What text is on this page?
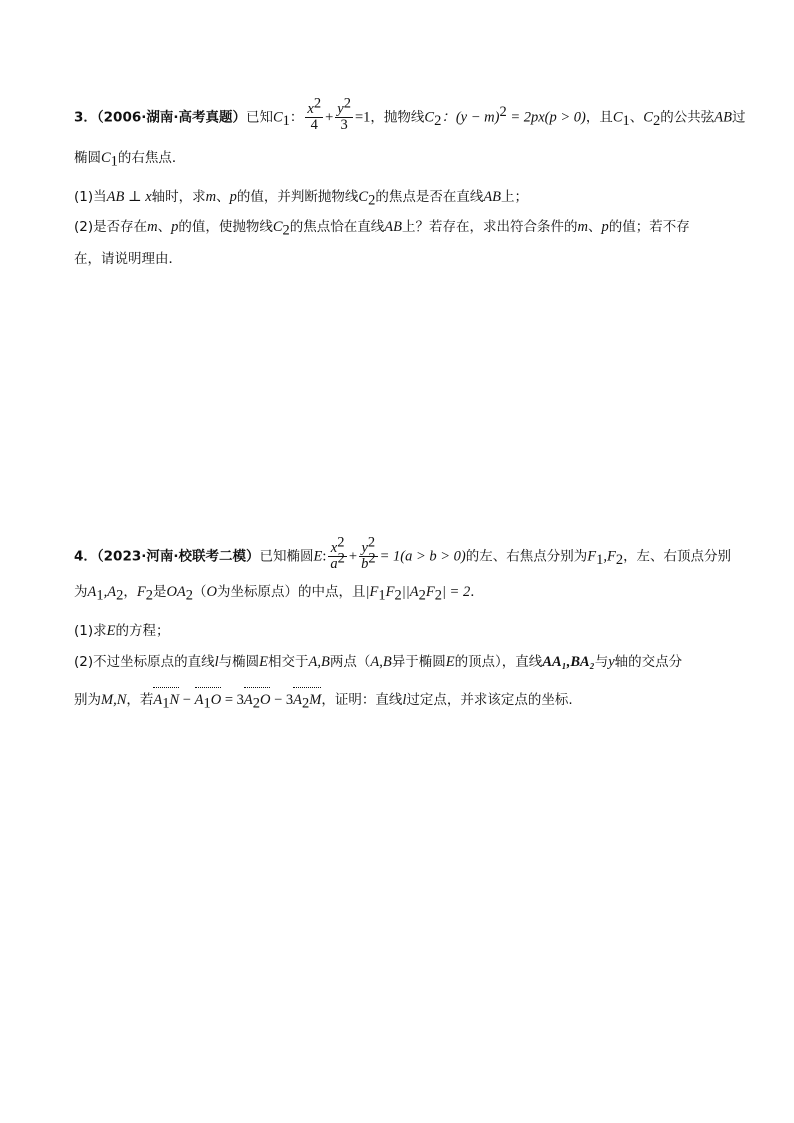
3．（2006·湖南·高考真题）已知$C_1$： $\frac{x^2}{4} + \frac{y^2}{3} =1$，抛物线$C_2$：$(y - m)^2 = 2px(p > 0)$，且$C_1$、$C_2$的公共弦AB过
椭圆$C_1$的右焦点．
(1)当AB ⊥ x轴时，求m、p的值，并判断抛物线$C_2$的焦点是否在直线AB上；
(2)是否存在m、p的值，使抛物线$C_2$的焦点恰在直线AB上？若存在，求出符合条件的m、p的值；若不存
在，请说明理由．
4．（2023·河南·校联考二模）已知椭圆E: $\frac{x^2}{a^2} + \frac{y^2}{b^2} = 1(a > b > 0)$的左、右焦点分别为$F_1,F_2$，左、右顶点分别
为$A_1,A_2$，$F_2$是$OA_2(O$为坐标原点）的中点，且$|F_1F_2||A_2F_2| = 2$．
(1)求E的方程；
(2)不过坐标原点的直线l与椭圆E相交于A,B两点（A,B异于椭圆E的顶点），直线AA₁,BA₂与y轴的交点分
别为M,N，若$A_1N - A_1O = 3A_2O - 3A_2M$，证明：直线l过定点，并求该定点的坐标.
